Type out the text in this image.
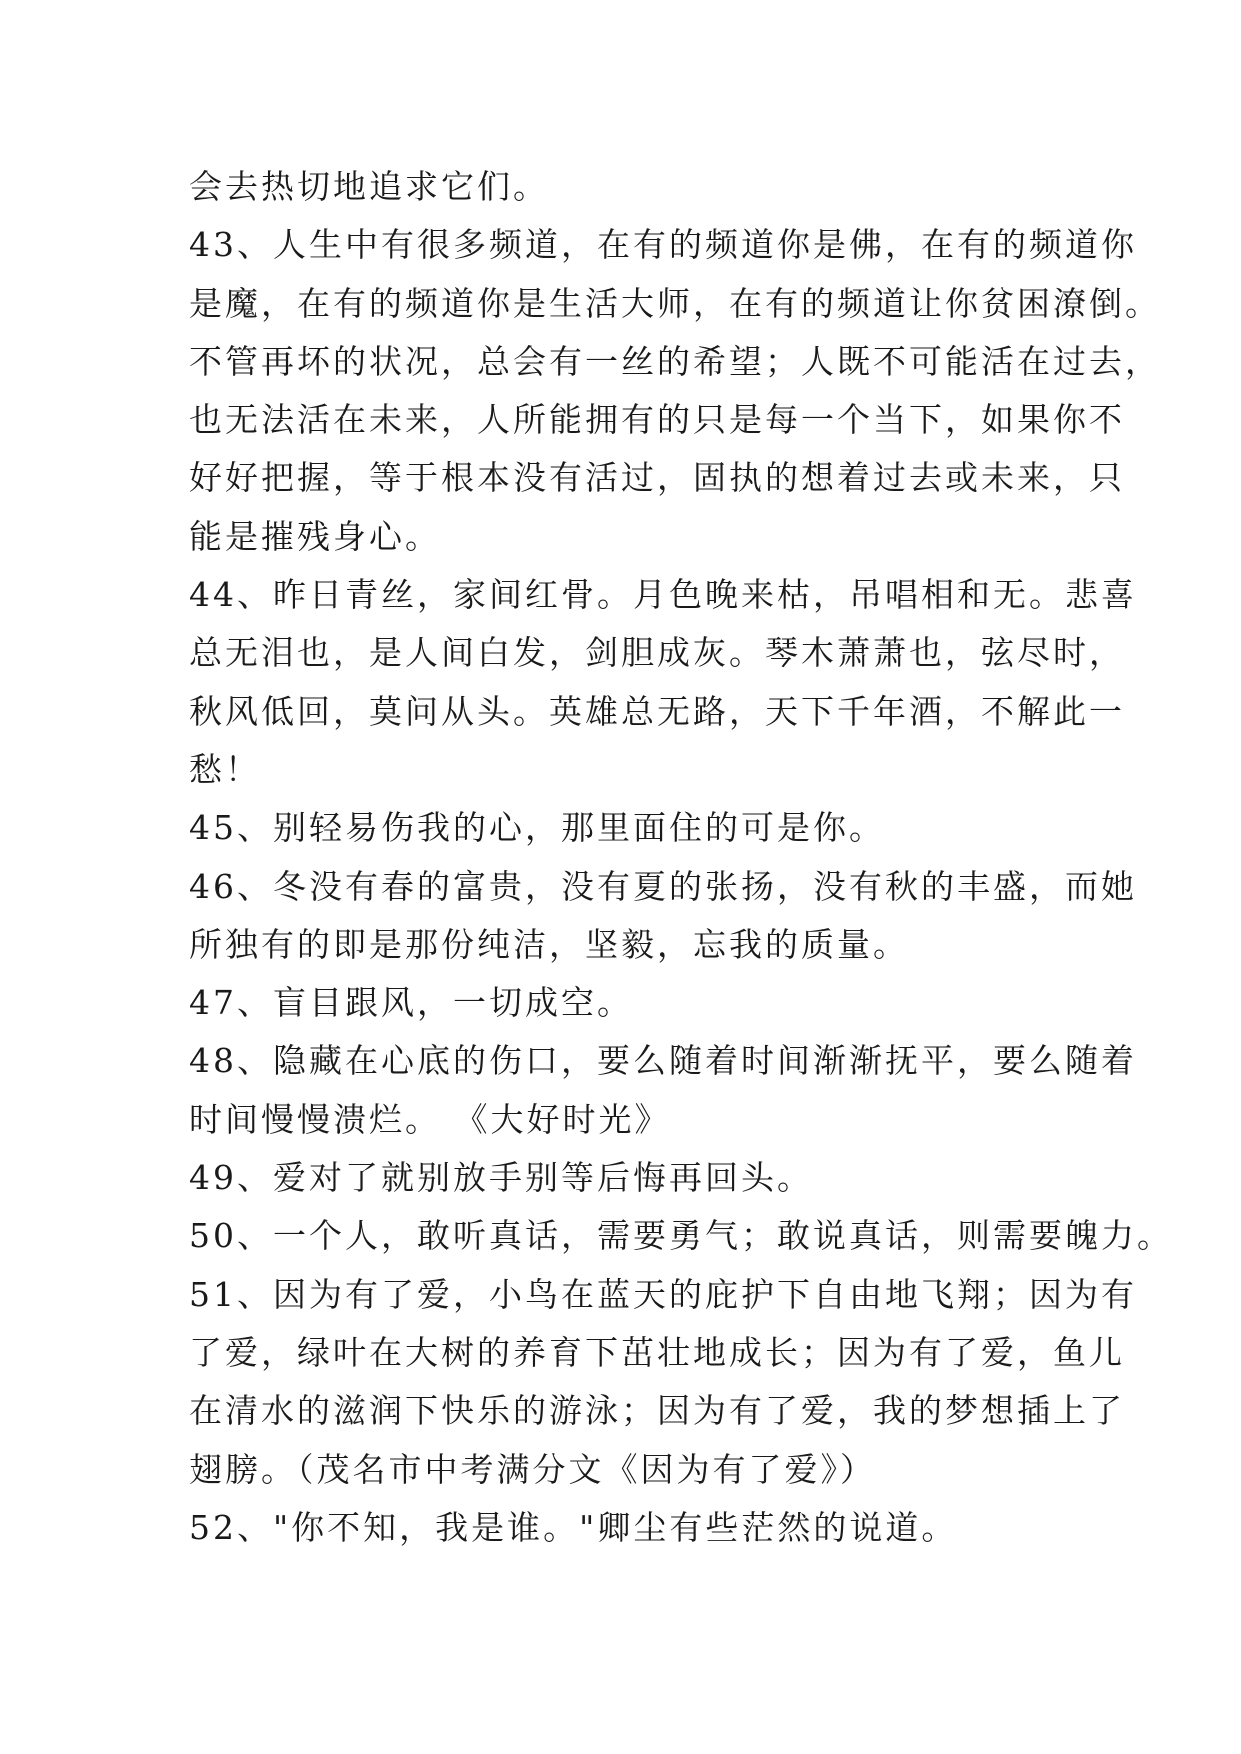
会去热切地追求它们。
43、人生中有很多频道，在有的频道你是佛，在有的频道你
是魔，在有的频道你是生活大师，在有的频道让你贫困潦倒。
不管再坏的状况，总会有一丝的希望；人既不可能活在过去，
也无法活在未来，人所能拥有的只是每一个当下，如果你不
好好把握，等于根本没有活过，固执的想着过去或未来，只
能是摧残身心。
44、昨日青丝，家间红骨。月色晚来枯，吊唱相和无。悲喜
总无泪也，是人间白发，剑胆成灰。琴木萧萧也，弦尽时，
秋风低回，莫问从头。英雄总无路，天下千年酒，不解此一
愁！
45、别轻易伤我的心，那里面住的可是你。
46、冬没有春的富贵，没有夏的张扬，没有秋的丰盛，而她
所独有的即是那份纯洁，坚毅，忘我的质量。
47、盲目跟风，一切成空。
48、隐藏在心底的伤口，要么随着时间渐渐抚平，要么随着
时间慢慢溃烂。 《大好时光》
49、爱对了就别放手别等后悔再回头。
50、一个人，敢听真话，需要勇气；敢说真话，则需要魄力。
51、因为有了爱，小鸟在蓝天的庇护下自由地飞翔；因为有
了爱，绿叶在大树的养育下茁壮地成长；因为有了爱，鱼儿
在清水的滋润下快乐的游泳；因为有了爱，我的梦想插上了
翅膀。（茂名市中考满分文《因为有了爱》）
52、"你不知，我是谁。"卿尘有些茫然的说道。
